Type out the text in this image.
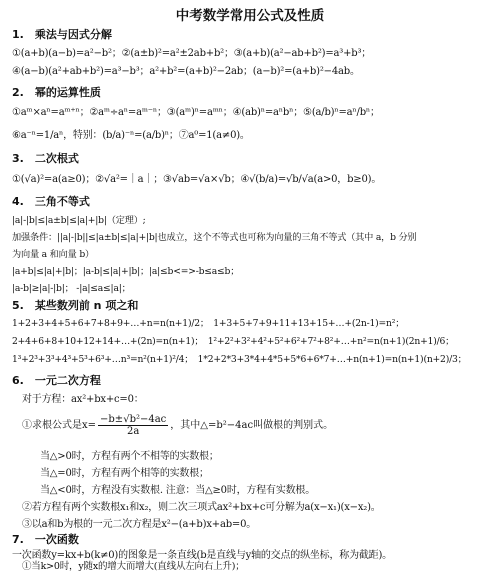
中考数学常用公式及性质
1.　乘法与因式分解
①(a+b)(a−b)=a²−b²；②(a±b)²=a²±2ab+b²；③(a+b)(a²−ab+b²)=a³+b³；
④(a−b)(a²+ab+b²)=a³−b³；a²+b²=(a+b)²−2ab；(a−b)²=(a+b)²−4ab。
2.　幂的运算性质
①aᵐ×aⁿ=aᵐ⁺ⁿ；②aᵐ÷aⁿ=aᵐ⁻ⁿ；③(aᵐ)ⁿ=aᵐⁿ；④(ab)ⁿ=aⁿbⁿ；⑤(a/b)ⁿ=aⁿ/bⁿ；
⑥a⁻ⁿ=1/aⁿ，特别：(b/a)⁻ⁿ=(a/b)ⁿ；⑦a⁰=1(a≠0)。
3.　二次根式
①(√a)²=a(a≥0)；②√a²=｜a｜；③√ab=√a×√b；④√(b/a)=√b/√a(a>0，b≥0)。
4.　三角不等式
|a|-|b|≤|a±b|≤|a|+|b|（定理）;
加强条件：||a|-|b||≤|a±b|≤|a|+|b|也成立，这个不等式也可称为向量的三角不等式（其中 a，b 分别
为向量 a 和向量 b）
|a+b|≤|a|+|b|；|a-b|≤|a|+|b|；|a|≤b<=>-b≤a≤b；
|a-b|≥|a|-|b|； -|a|≤a≤|a|；
5.　某些数列前 n 项之和
1+2+3+4+5+6+7+8+9+…+n=n(n+1)/2；　1+3+5+7+9+11+13+15+…+(2n-1)=n²；
2+4+6+8+10+12+14+…+(2n)=n(n+1)；　1²+2²+3²+4²+5²+6²+7²+8²+…+n²=n(n+1)(2n+1)/6；
1³+2³+3³+4³+5³+6³+…n³=n²(n+1)²/4；　1*2+2*3+3*4+4*5+5*6+6*7+…+n(n+1)=n(n+1)(n+2)/3；
6.　一元二次方程
对于方程：ax²+bx+c=0：
①求根公式是$x= \frac{\text{−b±√b²−4ac}}{2a}$ ，其中△=b²−4ac叫做根的判别式。
当△>0时，方程有两个不相等的实数根；
当△=0时，方程有两个相等的实数根；
当△<0时，方程没有实数根. 注意：当△≥0时，方程有实数根。
②若方程有两个实数根x₁和x₂，则二次三项式ax²+bx+c可分解为a(x−x₁)(x−x₂)。
③以a和b为根的一元二次方程是x²−(a+b)x+ab=0。
7.　一次函数
一次函数y=kx+b(k≠0)的图象是一条直线(b是直线与y轴的交点的纵坐标，称为截距)。
①当k>0时，y随x的增大而增大(直线从左向右上升)；
